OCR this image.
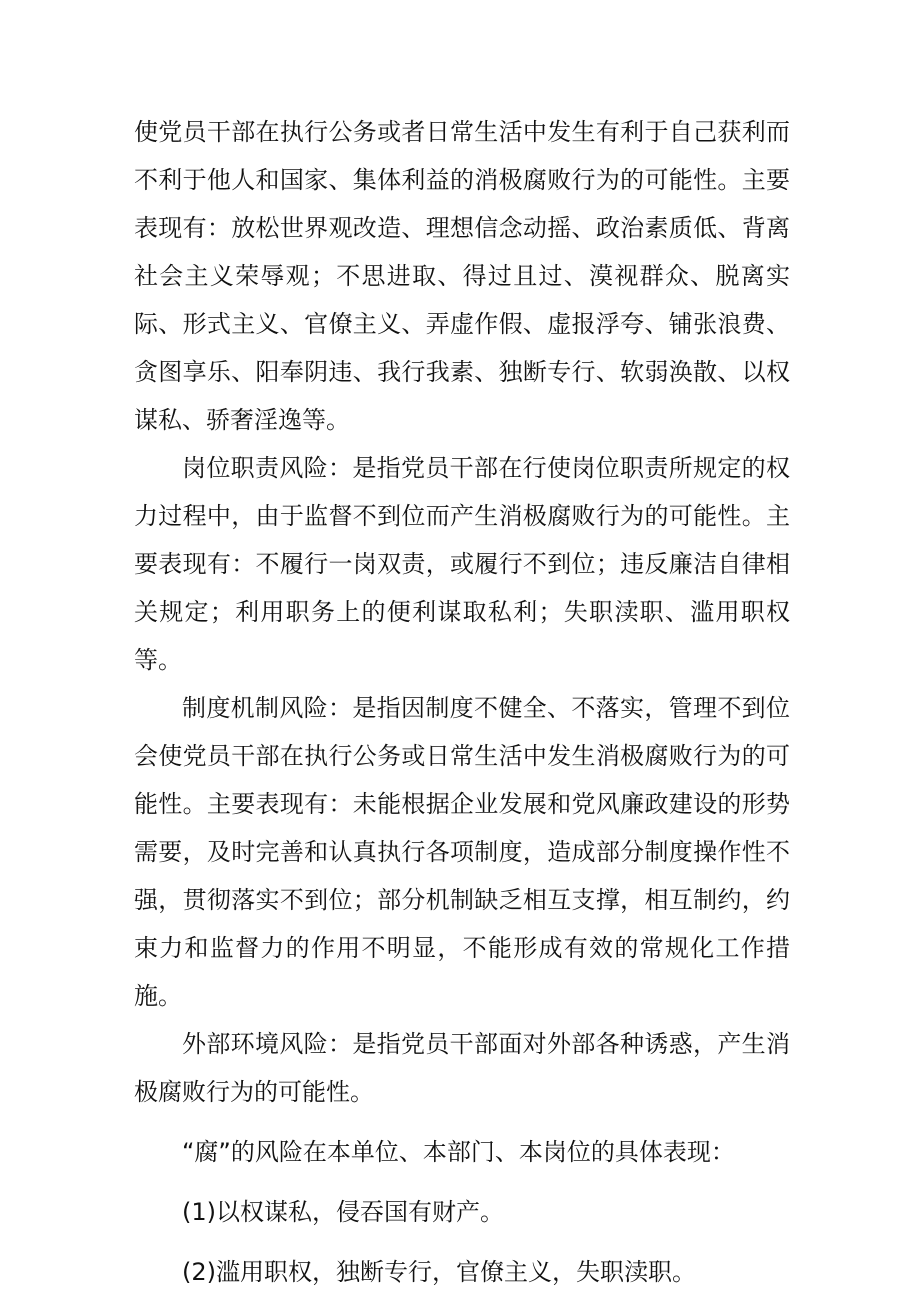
使党员干部在执行公务或者日常生活中发生有利于自己获利而不利于他人和国家、集体利益的消极腐败行为的可能性。主要表现有：放松世界观改造、理想信念动摇、政治素质低、背离社会主义荣辱观；不思进取、得过且过、漠视群众、脱离实际、形式主义、官僚主义、弄虚作假、虚报浮夸、铺张浪费、贪图享乐、阳奉阴违、我行我素、独断专行、软弱涣散、以权谋私、骄奢淫逸等。

岗位职责风险：是指党员干部在行使岗位职责所规定的权力过程中，由于监督不到位而产生消极腐败行为的可能性。主要表现有：不履行一岗双责，或履行不到位；违反廉洁自律相关规定；利用职务上的便利谋取私利；失职渎职、滥用职权等。

制度机制风险：是指因制度不健全、不落实，管理不到位会使党员干部在执行公务或日常生活中发生消极腐败行为的可能性。主要表现有：未能根据企业发展和党风廉政建设的形势需要，及时完善和认真执行各项制度，造成部分制度操作性不强，贯彻落实不到位；部分机制缺乏相互支撑，相互制约，约束力和监督力的作用不明显，不能形成有效的常规化工作措施。

外部环境风险：是指党员干部面对外部各种诱惑，产生消极腐败行为的可能性。

“腐”的风险在本单位、本部门、本岗位的具体表现：

(1)以权谋私，侵吞国有财产。

(2)滥用职权，独断专行，官僚主义，失职渎职。
